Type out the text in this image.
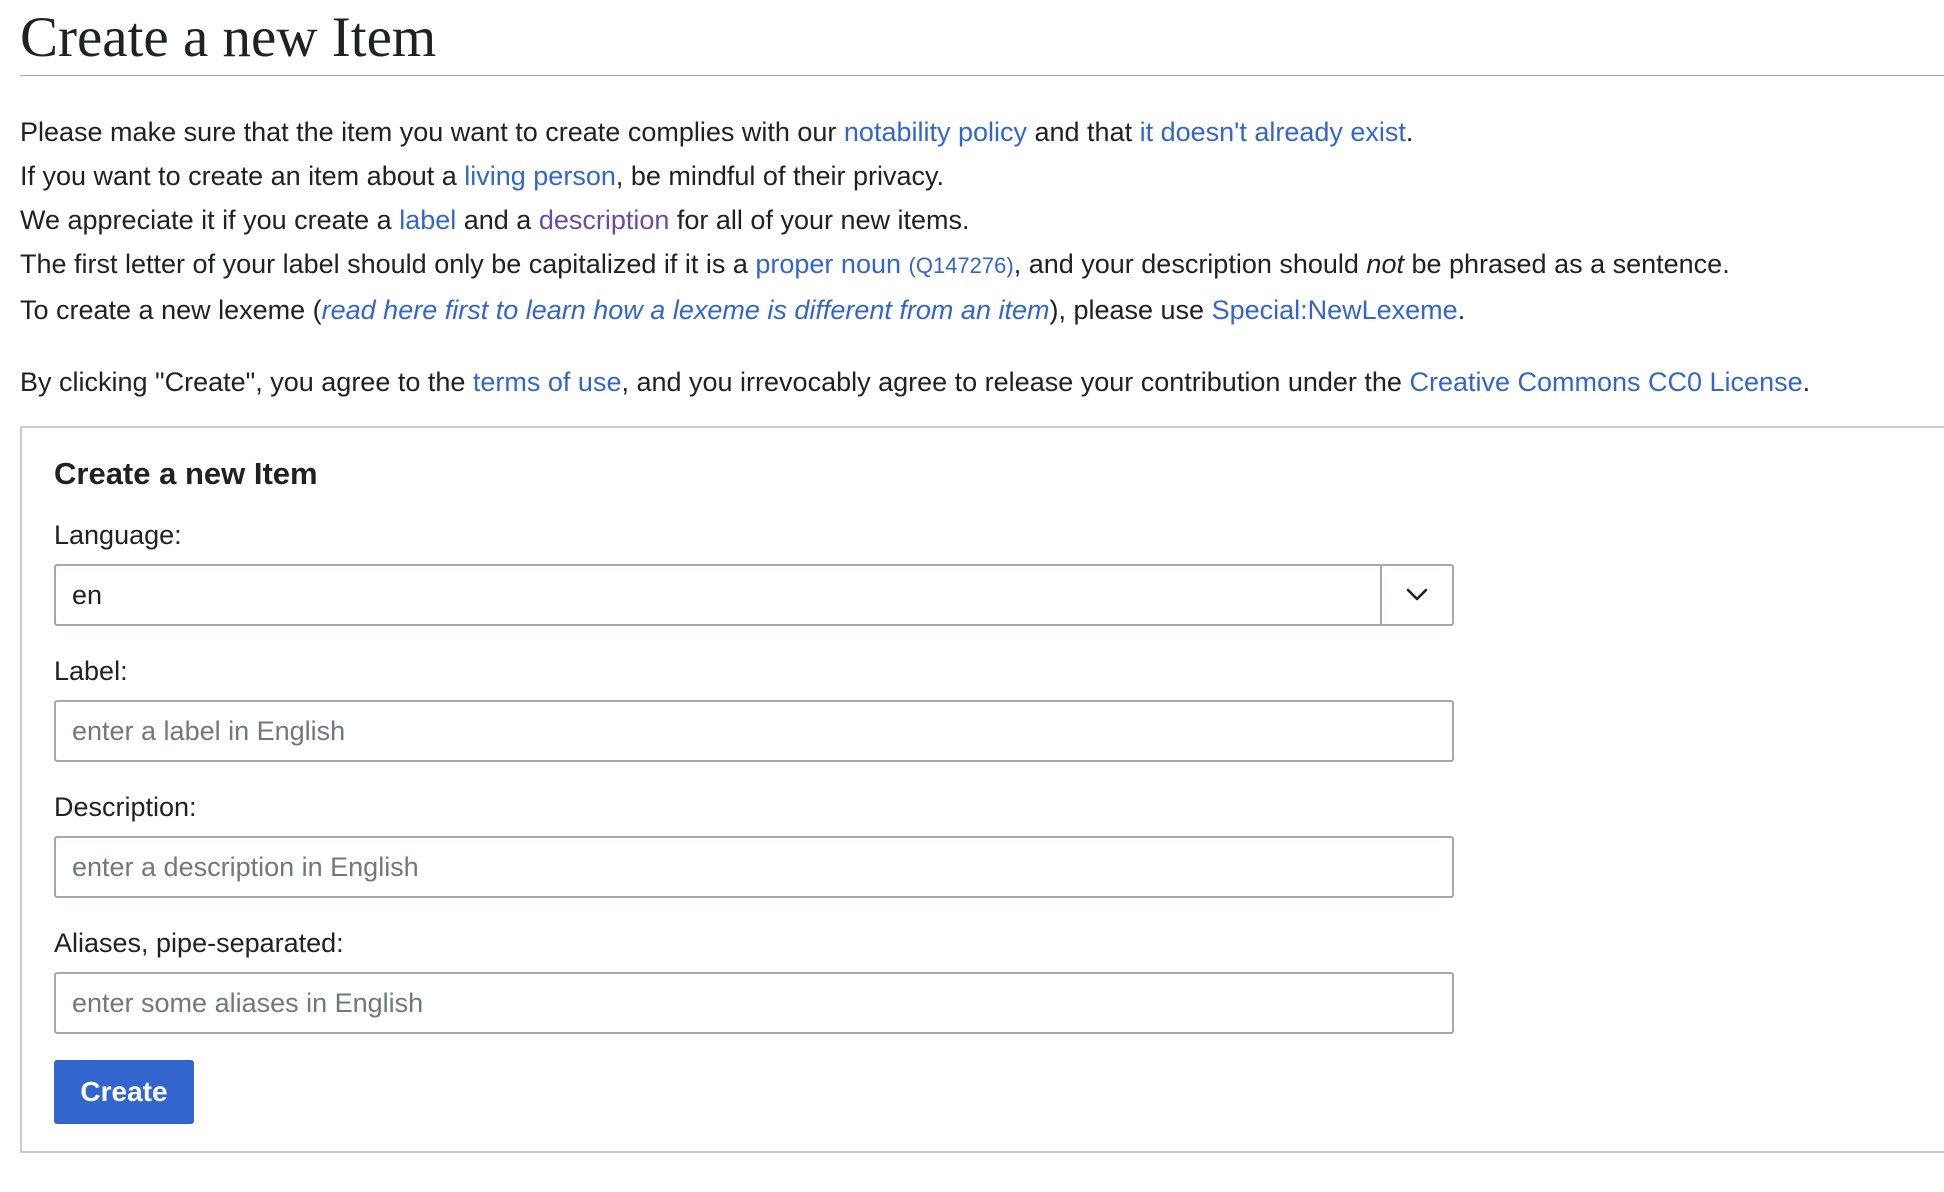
Create a new Item

Please make sure that the item you want to create complies with our notability policy and that it doesn't already exist.

If you want to create an item about a living person, be mindful of their privacy.

We appreciate it if you create a label and a description for all of your new items.

The first letter of your label should only be capitalized if it is a proper noun (Q147276), and your description should not be phrased as a sentence.

To create a new lexeme (read here first to learn how a lexeme is different from an item), please use Special:NewLexeme.

By clicking "Create", you agree to the terms of use, and you irrevocably agree to release your contribution under the Creative Commons CC0 License.

Create a new Item
Language:
en
Label:
enter a label in English
Description:
enter a description in English
Aliases, pipe-separated:
enter some aliases in English
Create
